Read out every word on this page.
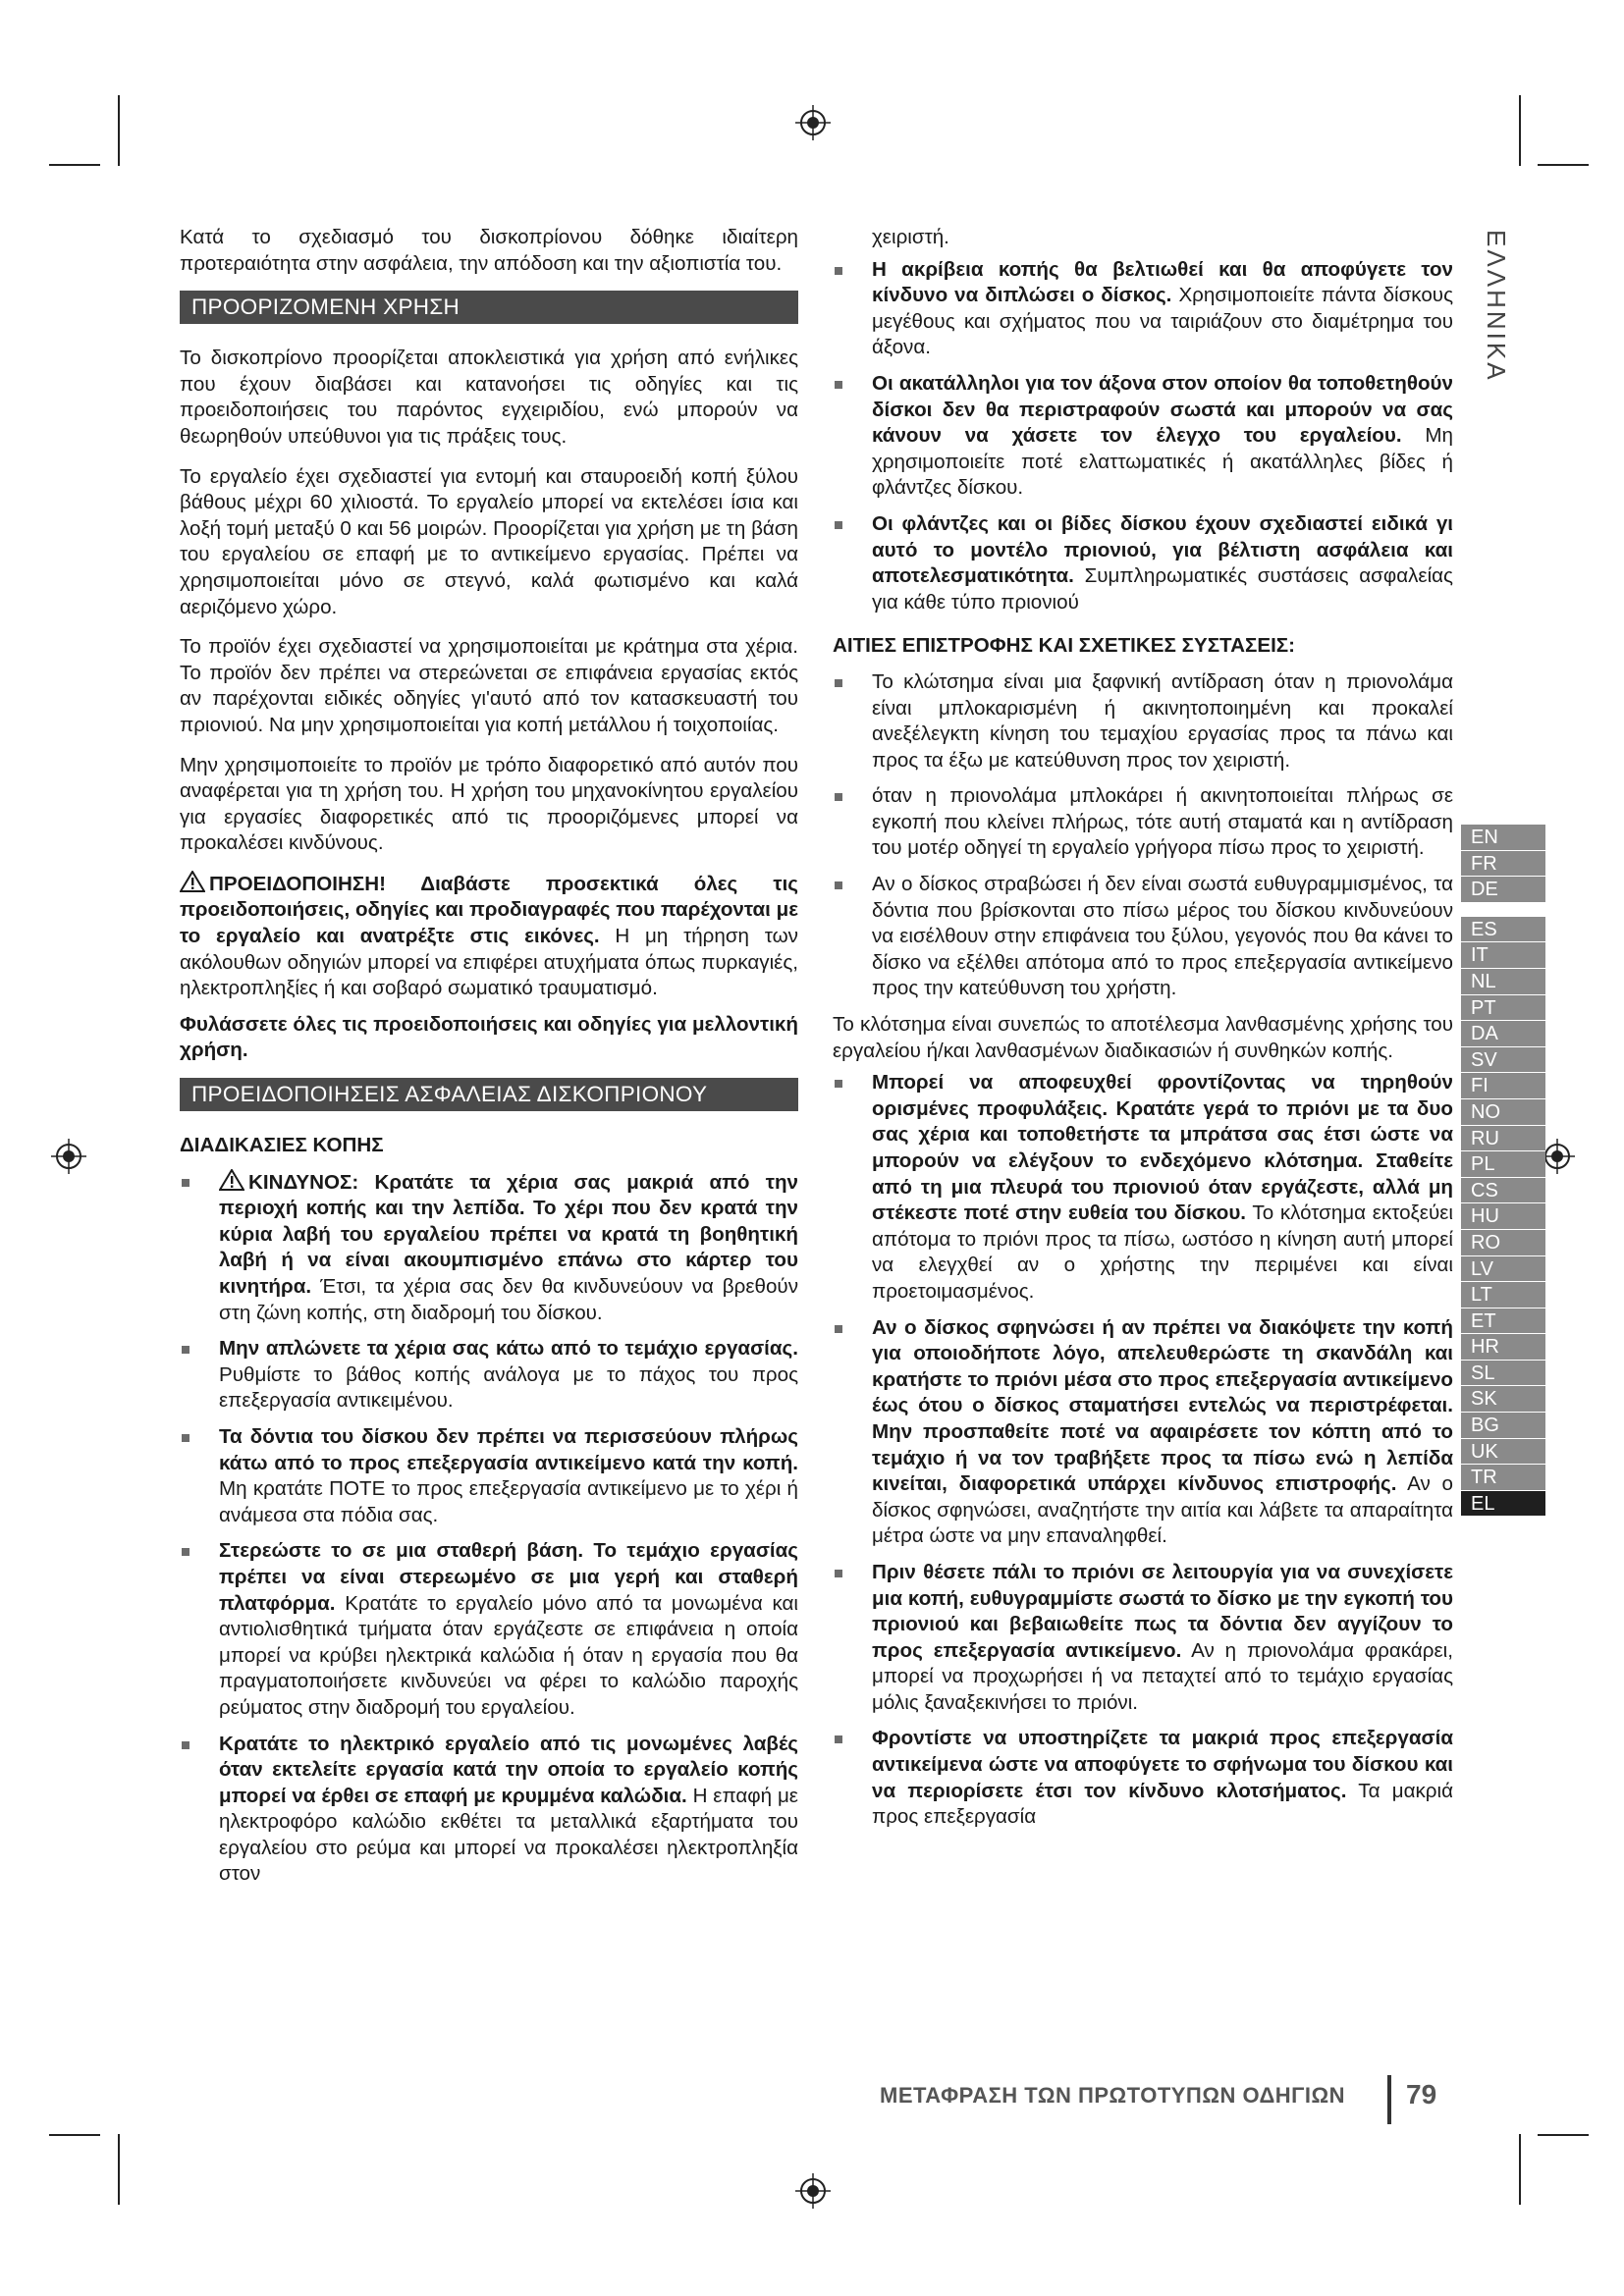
ΕΛΛΗΝΙΚΑ

Κατά το σχεδιασμό του δισκοπρίονου δόθηκε ιδιαίτερη προτεραιότητα στην ασφάλεια, την απόδοση και την αξιοπιστία του.

ΠΡΟΟΡΙΖΟΜΕΝΗ ΧΡΗΣΗ

Το δισκοπρίονο προορίζεται αποκλειστικά για χρήση από ενήλικες που έχουν διαβάσει και κατανοήσει τις οδηγίες και τις προειδοποιήσεις του παρόντος εγχειριδίου, ενώ μπορούν να θεωρηθούν υπεύθυνοι για τις πράξεις τους.

Το εργαλείο έχει σχεδιαστεί για εντομή και σταυροειδή κοπή ξύλου βάθους μέχρι 60 χιλιοστά. Το εργαλείο μπορεί να εκτελέσει ίσια και λοξή τομή μεταξύ 0 και 56 μοιρών. Προορίζεται για χρήση με τη βάση του εργαλείου σε επαφή με το αντικείμενο εργασίας. Πρέπει να χρησιμοποιείται μόνο σε στεγνό, καλά φωτισμένο και καλά αεριζόμενο χώρο.

Το προϊόν έχει σχεδιαστεί να χρησιμοποιείται με κράτημα στα χέρια. Το προϊόν δεν πρέπει να στερεώνεται σε επιφάνεια εργασίας εκτός αν παρέχονται ειδικές οδηγίες γι'αυτό από τον κατασκευαστή του πριονιού. Να μην χρησιμοποιείται για κοπή μετάλλου ή τοιχοποιίας.

Μην χρησιμοποιείτε το προϊόν με τρόπο διαφορετικό από αυτόν που αναφέρεται για τη χρήση του. Η χρήση του μηχανοκίνητου εργαλείου για εργασίες διαφορετικές από τις προοριζόμενες μπορεί να προκαλέσει κινδύνους.

ΠΡΟΕΙΔΟΠΟΙΗΣΗ! Διαβάστε προσεκτικά όλες τις προειδοποιήσεις, οδηγίες και προδιαγραφές που παρέχονται με το εργαλείο και ανατρέξτε στις εικόνες. Η μη τήρηση των ακόλουθων οδηγιών μπορεί να επιφέρει ατυχήματα όπως πυρκαγιές, ηλεκτροπληξίες ή και σοβαρό σωματικό τραυματισμό.

Φυλάσσετε όλες τις προειδοποιήσεις και οδηγίες για μελλοντική χρήση.

ΠΡΟΕΙΔΟΠΟΙΗΣΕΙΣ ΑΣΦΑΛΕΙΑΣ ΔΙΣΚΟΠΡΙΟΝΟΥ
ΔΙΑΔΙΚΑΣΙΕΣ ΚΟΠΗΣ
ΚΙΝΔΥΝΟΣ: Κρατάτε τα χέρια σας μακριά από την περιοχή κοπής και την λεπίδα. Το χέρι που δεν κρατά την κύρια λαβή του εργαλείου πρέπει να κρατά τη βοηθητική λαβή ή να είναι ακουμπισμένο επάνω στο κάρτερ του κινητήρα. Έτσι, τα χέρια σας δεν θα κινδυνεύουν να βρεθούν στη ζώνη κοπής, στη διαδρομή του δίσκου.
Μην απλώνετε τα χέρια σας κάτω από το τεμάχιο εργασίας. Ρυθμίστε το βάθος κοπής ανάλογα με το πάχος του προς επεξεργασία αντικειμένου.
Τα δόντια του δίσκου δεν πρέπει να περισσεύουν πλήρως κάτω από το προς επεξεργασία αντικείμενο κατά την κοπή. Μη κρατάτε ΠΟΤΕ το προς επεξεργασία αντικείμενο με το χέρι ή ανάμεσα στα πόδια σας.
Στερεώστε το σε μια σταθερή βάση. Το τεμάχιο εργασίας πρέπει να είναι στερεωμένο σε μια γερή και σταθερή πλατφόρμα. Κρατάτε το εργαλείο μόνο από τα μονωμένα και αντιολισθητικά τμήματα όταν εργάζεστε σε επιφάνεια η οποία μπορεί να κρύβει ηλεκτρικά καλώδια ή όταν η εργασία που θα πραγματοποιήσετε κινδυνεύει να φέρει το καλώδιο παροχής ρεύματος στην διαδρομή του εργαλείου.
Κρατάτε το ηλεκτρικό εργαλείο από τις μονωμένες λαβές όταν εκτελείτε εργασία κατά την οποία το εργαλείο κοπής μπορεί να έρθει σε επαφή με κρυμμένα καλώδια. Η επαφή με ηλεκτροφόρο καλώδιο εκθέτει τα μεταλλικά εξαρτήματα του εργαλείου στο ρεύμα και μπορεί να προκαλέσει ηλεκτροπληξία στον

χειριστή.

Η ακρίβεια κοπής θα βελτιωθεί και θα αποφύγετε τον κίνδυνο να διπλώσει ο δίσκος. Χρησιμοποιείτε πάντα δίσκους μεγέθους και σχήματος που να ταιριάζουν στο διαμέτρημα του άξονα.
Οι ακατάλληλοι για τον άξονα στον οποίον θα τοποθετηθούν δίσκοι δεν θα περιστραφούν σωστά και μπορούν να σας κάνουν να χάσετε τον έλεγχο του εργαλείου. Μη χρησιμοποιείτε ποτέ ελαττωματικές ή ακατάλληλες βίδες ή φλάντζες δίσκου.
Οι φλάντζες και οι βίδες δίσκου έχουν σχεδιαστεί ειδικά γι αυτό το μοντέλο πριονιού, για βέλτιστη ασφάλεια και αποτελεσματικότητα. Συμπληρωματικές συστάσεις ασφαλείας για κάθε τύπο πριονιού
ΑΙΤΙΕΣ ΕΠΙΣΤΡΟΦΗΣ ΚΑΙ ΣΧΕΤΙΚΕΣ ΣΥΣΤΑΣΕΙΣ:
Το κλώτσημα είναι μια ξαφνική αντίδραση όταν η πριονολάμα είναι μπλοκαρισμένη ή ακινητοποιημένη και προκαλεί ανεξέλεγκτη κίνηση του τεμαχίου εργασίας προς τα πάνω και προς τα έξω με κατεύθυνση προς τον χειριστή.
όταν η πριονολάμα μπλοκάρει ή ακινητοποιείται πλήρως σε εγκοπή που κλείνει πλήρως, τότε αυτή σταματά και η αντίδραση του μοτέρ οδηγεί τη εργαλείο γρήγορα πίσω προς το χειριστή.
Αν ο δίσκος στραβώσει ή δεν είναι σωστά ευθυγραμμισμένος, τα δόντια που βρίσκονται στο πίσω μέρος του δίσκου κινδυνεύουν να εισέλθουν στην επιφάνεια του ξύλου, γεγονός που θα κάνει το δίσκο να εξέλθει απότομα από το προς επεξεργασία αντικείμενο προς την κατεύθυνση του χρήστη.

Το κλότσημα είναι συνεπώς το αποτέλεσμα λανθασμένης χρήσης του εργαλείου ή/και λανθασμένων διαδικασιών ή συνθηκών κοπής.

Μπορεί να αποφευχθεί φροντίζοντας να τηρηθούν ορισμένες προφυλάξεις. Κρατάτε γερά το πριόνι με τα δυο σας χέρια και τοποθετήστε τα μπράτσα σας έτσι ώστε να μπορούν να ελέγξουν το ενδεχόμενο κλότσημα. Σταθείτε από τη μια πλευρά του πριονιού όταν εργάζεστε, αλλά μη στέκεστε ποτέ στην ευθεία του δίσκου. Το κλότσημα εκτοξεύει απότομα το πριόνι προς τα πίσω, ωστόσο η κίνηση αυτή μπορεί να ελεγχθεί αν ο χρήστης την περιμένει και είναι προετοιμασμένος.
Αν ο δίσκος σφηνώσει ή αν πρέπει να διακόψετε την κοπή για οποιοδήποτε λόγο, απελευθερώστε τη σκανδάλη και κρατήστε το πριόνι μέσα στο προς επεξεργασία αντικείμενο έως ότου ο δίσκος σταματήσει εντελώς να περιστρέφεται. Μην προσπαθείτε ποτέ να αφαιρέσετε τον κόπτη από το τεμάχιο ή να τον τραβήξετε προς τα πίσω ενώ η λεπίδα κινείται, διαφορετικά υπάρχει κίνδυνος επιστροφής. Αν ο δίσκος σφηνώσει, αναζητήστε την αιτία και λάβετε τα απαραίτητα μέτρα ώστε να μην επαναληφθεί.
Πριν θέσετε πάλι το πριόνι σε λειτουργία για να συνεχίσετε μια κοπή, ευθυγραμμίστε σωστά το δίσκο με την εγκοπή του πριονιού και βεβαιωθείτε πως τα δόντια δεν αγγίζουν το προς επεξεργασία αντικείμενο. Αν η πριονολάμα φρακάρει, μπορεί να προχωρήσει ή να πεταχτεί από το τεμάχιο εργασίας μόλις ξαναξεκινήσει το πριόνι.
Φροντίστε να υποστηρίζετε τα μακριά προς επεξεργασία αντικείμενα ώστε να αποφύγετε το σφήνωμα του δίσκου και να περιορίσετε έτσι τον κίνδυνο κλοτσήματος. Τα μακριά προς επεξεργασία
EN
FR
DE
ES
IT
NL
PT
DA
SV
FI
NO
RU
PL
CS
HU
RO
LV
LT
ET
HR
SL
SK
BG
UK
TR
EL
ΜΕΤΑΦΡΑΣΗ ΤΩΝ ΠΡΩΤΟΤΥΠΩΝ ΟΔΗΓΙΩΝ 79
